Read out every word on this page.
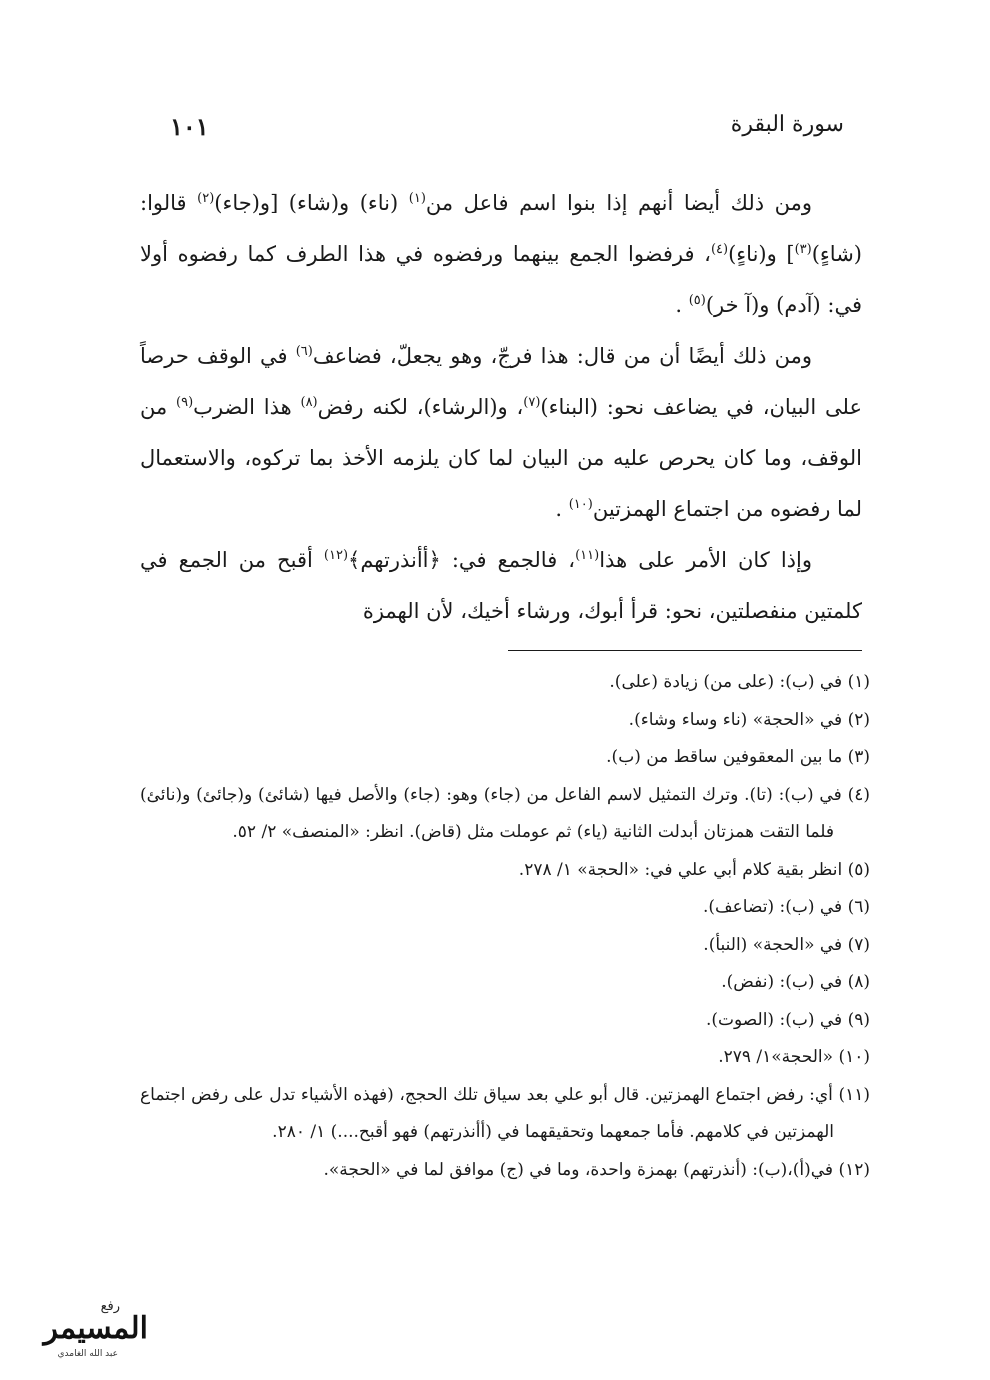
سورة البقرة
١٠١

ومن ذلك أيضا أنهم إذا بنوا اسم فاعل من$^{(١)}$ (ناء) و(شاء) [و(جاء)$^{(٢)}$ قالوا: (شاءٍ)$^{(٣)}$] و(ناءٍ)$^{(٤)}$، فرفضوا الجمع بينهما ورفضوه في هذا الطرف كما رفضوه أولا في: (آدم) و(آ خر)$^{(٥)}$ .

ومن ذلك أيضًا أن من قال: هذا فرجّ، وهو يجعلّ، فضاعف$^{(٦)}$ في الوقف حرصاً على البيان، في يضاعف نحو: (البناء)$^{(٧)}$، و(الرشاء)، لكنه رفض$^{(٨)}$ هذا الضرب$^{(٩)}$ من الوقف، وما كان يحرص عليه من البيان لما كان يلزمه الأخذ بما تركوه، والاستعمال لما رفضوه من اجتماع الهمزتين$^{(١٠)}$ .

وإذا كان الأمر على هذا$^{(١١)}$، فالجمع في: ﴿أأنذرتهم﴾$^{(١٢)}$ أقبح من الجمع في كلمتين منفصلتين، نحو: قرأ أبوك، ورشاء أخيك، لأن الهمزة

(١) في (ب): (على من) زيادة (على).

(٢) في «الحجة» (ناء وساء وشاء).

(٣) ما بين المعقوفين ساقط من (ب).

(٤) في (ب): (تا). وترك التمثيل لاسم الفاعل من (جاء) وهو: (جاء) والأصل فيها (شائئ) و(جائئ) و(نائئ) فلما التقت همزتان أبدلت الثانية (ياء) ثم عوملت مثل (قاض). انظر: «المنصف» ٢/ ٥٢.

(٥) انظر بقية كلام أبي علي في: «الحجة» ١/ ٢٧٨.

(٦) في (ب): (تضاعف).

(٧) في «الحجة» (النبأ).

(٨) في (ب): (نفض).

(٩) في (ب): (الصوت).

(١٠) «الحجة»١/ ٢٧٩.

(١١) أي: رفض اجتماع الهمزتين. قال أبو علي بعد سياق تلك الحجج، (فهذه الأشياء تدل على رفض اجتماع الهمزتين في كلامهم. فأما جمعهما وتحقيقهما في (أأنذرتهم) فهو أقبح....) ١/ ٢٨٠.

(١٢) في(أ)،(ب): (أنذرتهم) بهمزة واحدة، وما في (ج) موافق لما في «الحجة».

رفع
المسيمر
عبد الله الغامدي
